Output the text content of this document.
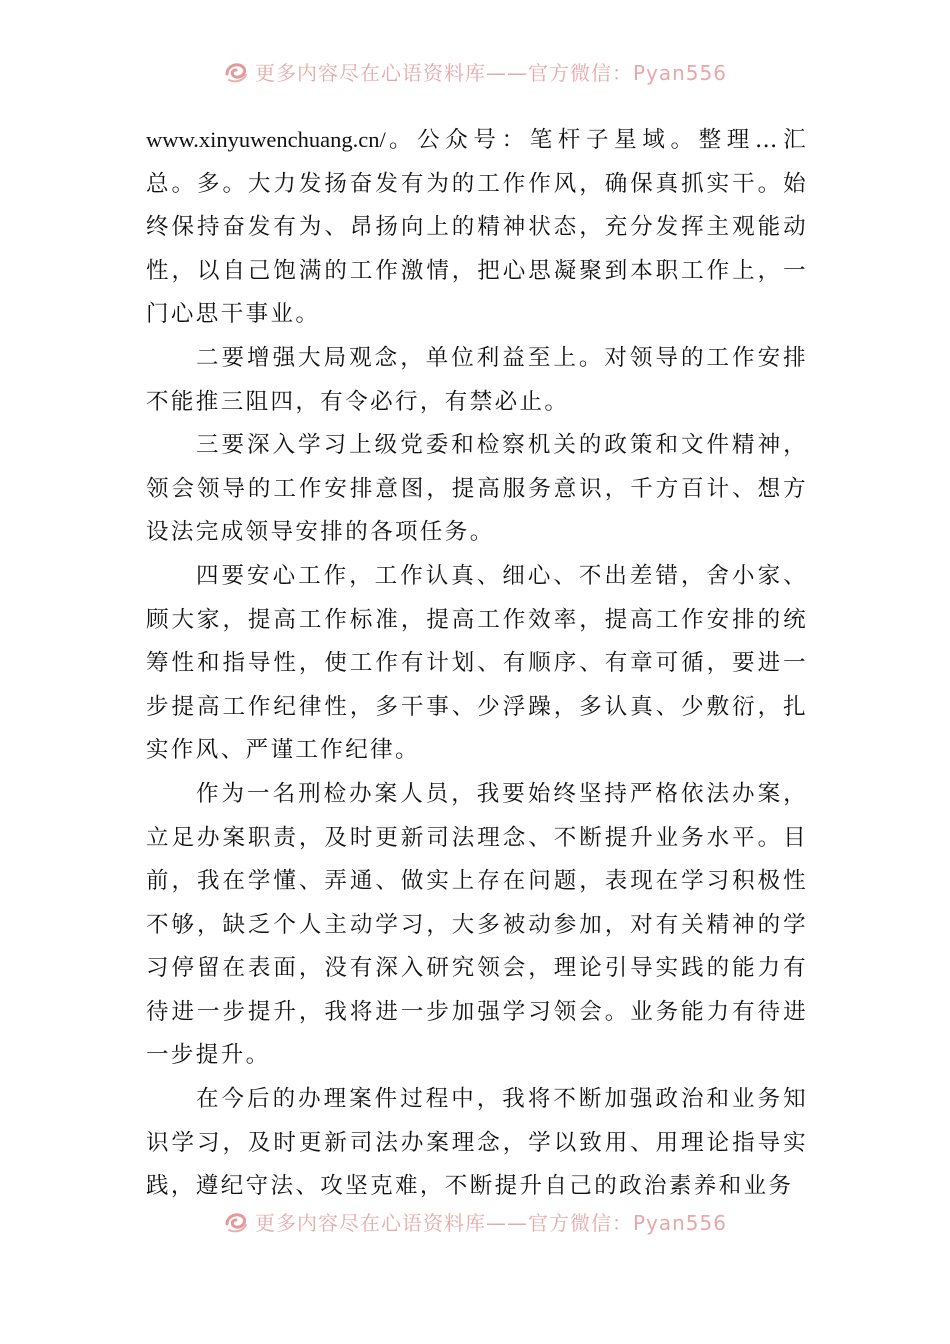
更多内容尽在心语资料库——官方微信：Pyan556

www.xinyuwenchuang.cn/。公众号：笔杆子星域。整理…汇总。多。大力发扬奋发有为的工作作风，确保真抓实干。始终保持奋发有为、昂扬向上的精神状态，充分发挥主观能动性，以自己饱满的工作激情，把心思凝聚到本职工作上，一门心思干事业。

二要增强大局观念，单位利益至上。对领导的工作安排不能推三阻四，有令必行，有禁必止。

三要深入学习上级党委和检察机关的政策和文件精神，领会领导的工作安排意图，提高服务意识，千方百计、想方设法完成领导安排的各项任务。

四要安心工作，工作认真、细心、不出差错，舍小家、顾大家，提高工作标准，提高工作效率，提高工作安排的统筹性和指导性，使工作有计划、有顺序、有章可循，要进一步提高工作纪律性，多干事、少浮躁，多认真、少敷衍，扎实作风、严谨工作纪律。

作为一名刑检办案人员，我要始终坚持严格依法办案，立足办案职责，及时更新司法理念、不断提升业务水平。目前，我在学懂、弄通、做实上存在问题，表现在学习积极性不够，缺乏个人主动学习，大多被动参加，对有关精神的学习停留在表面，没有深入研究领会，理论引导实践的能力有待进一步提升，我将进一步加强学习领会。业务能力有待进一步提升。

在今后的办理案件过程中，我将不断加强政治和业务知识学习，及时更新司法办案理念，学以致用、用理论指导实践，遵纪守法、攻坚克难，不断提升自己的政治素养和业务

更多内容尽在心语资料库——官方微信：Pyan556
